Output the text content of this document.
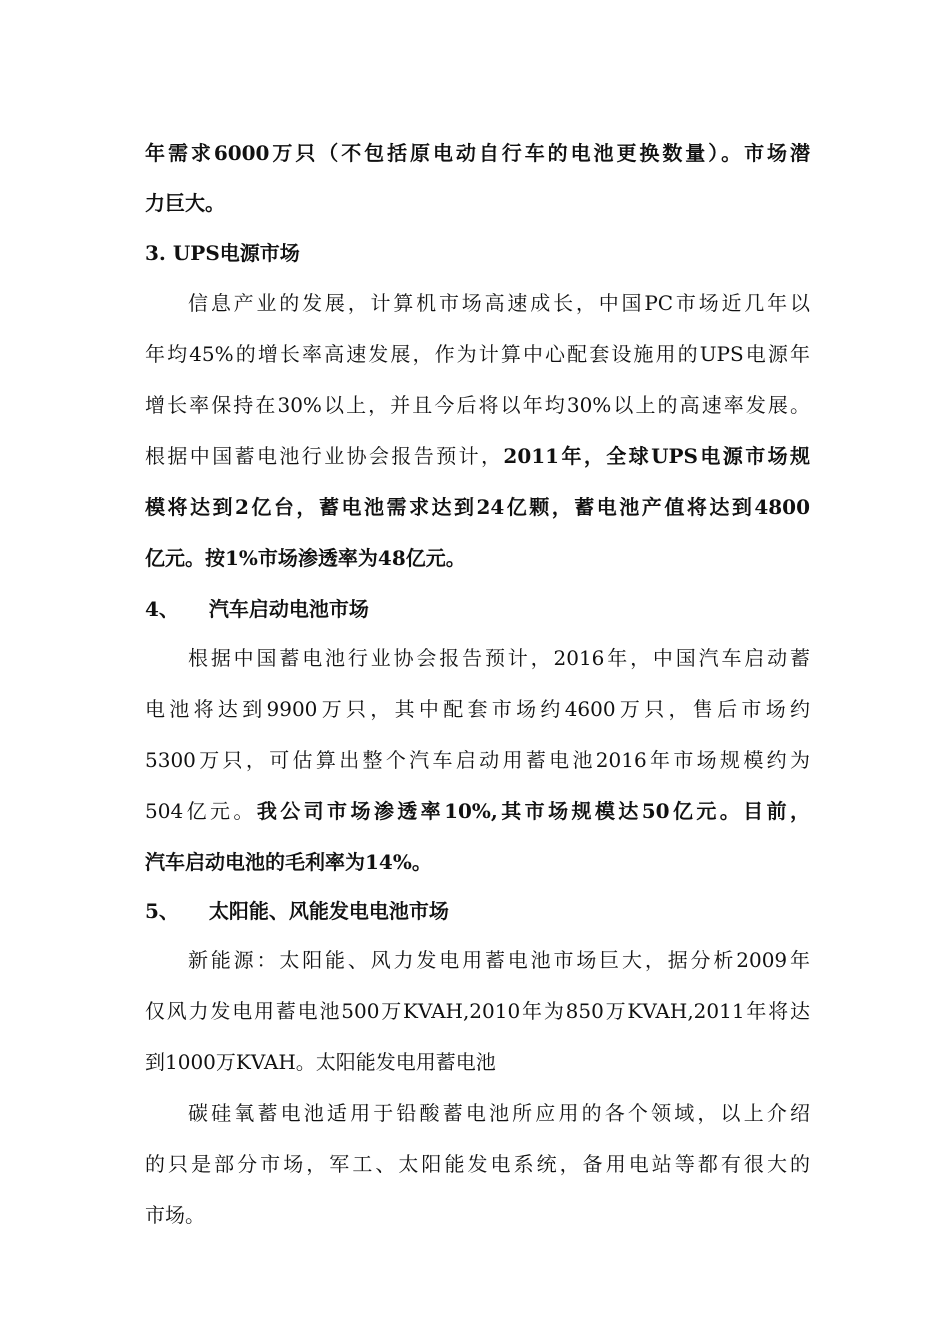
年需求6000万只（不包括原电动自行车的电池更换数量）。市场潜
力巨大。
3. UPS电源市场
信息产业的发展，计算机市场高速成长，中国PC市场近几年以
年均45%的增长率高速发展，作为计算中心配套设施用的UPS电源年
增长率保持在30%以上，并且今后将以年均30%以上的高速率发展。
根据中国蓄电池行业协会报告预计，2011年，全球UPS电源市场规
模将达到2亿台，蓄电池需求达到24亿颗，蓄电池产值将达到4800
亿元。按1%市场渗透率为48亿元。
4、 汽车启动电池市场
根据中国蓄电池行业协会报告预计，2016年，中国汽车启动蓄
电池将达到9900万只，其中配套市场约4600万只，售后市场约
5300万只，可估算出整个汽车启动用蓄电池2016年市场规模约为
504亿元。我公司市场渗透率10%,其市场规模达50亿元。目前，
汽车启动电池的毛利率为14%。
5、 太阳能、风能发电电池市场
新能源：太阳能、风力发电用蓄电池市场巨大，据分析2009年
仅风力发电用蓄电池500万KVAH,2010年为850万KVAH,2011年将达
到1000万KVAH。太阳能发电用蓄电池
碳硅氧蓄电池适用于铅酸蓄电池所应用的各个领域，以上介绍
的只是部分市场，军工、太阳能发电系统，备用电站等都有很大的
市场。
